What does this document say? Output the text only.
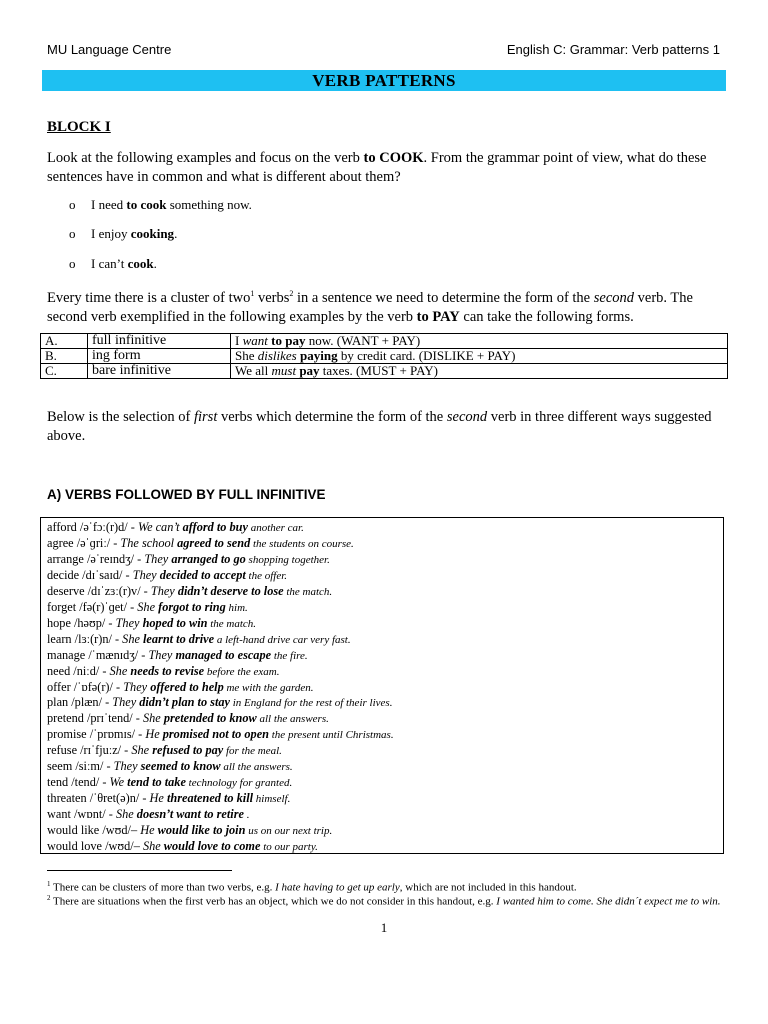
MU Language Centre	English C: Grammar: Verb patterns 1
VERB PATTERNS
BLOCK I
Look at the following examples and focus on the verb to COOK. From the grammar point of view, what do these sentences have in common and what is different about them?
o I need to cook something now.
o I enjoy cooking.
o I can’t cook.
Every time there is a cluster of two$^1$ verbs$^2$ in a sentence we need to determine the form of the second verb. The second verb exemplified in the following examples by the verb to PAY can take the following forms.
A.	full infinitive	I want to pay now. (WANT + PAY)
B.	ing form	She dislikes paying by credit card. (DISLIKE + PAY)
C.	bare infinitive	We all must pay taxes. (MUST + PAY)
Below is the selection of first verbs which determine the form of the second verb in three different ways suggested above.
A) VERBS FOLLOWED BY FULL INFINITIVE
afford /əˈfɔː(r)d/ - We can’t afford to buy another car.
agree /əˈɡriː/ - The school agreed to send the students on course.
arrange /əˈreɪndʒ/ - They arranged to go shopping together.
decide /dɪˈsaɪd/ - They decided to accept the offer.
deserve /dɪˈzɜː(r)v/ - They didn’t deserve to lose the match.
forget /fə(r)ˈɡet/ - She forgot to ring him.
hope /həʊp/ - They hoped to win the match.
learn /lɜː(r)n/ - She learnt to drive a left-hand drive car very fast.
manage /ˈmænɪdʒ/ - They managed to escape the fire.
need /niːd/ - She needs to revise before the exam.
offer /ˈɒfə(r)/ - They offered to help me with the garden.
plan /plæn/ - They didn’t plan to stay in England for the rest of their lives.
pretend /prɪˈtend/ - She pretended to know all the answers.
promise /ˈprɒmɪs/ - He promised not to open the present until Christmas.
refuse /rɪˈfjuːz/ - She refused to pay for the meal.
seem /siːm/ - They seemed to know all the answers.
tend /tend/ - We tend to take technology for granted.
threaten /ˈθret(ə)n/ - He threatened to kill himself.
want /wɒnt/ - She doesn’t want to retire .
would like /wʊd/– He would like to join us on our next trip.
would love /wʊd/– She would love to come to our party.
$^1$ There can be clusters of more than two verbs, e.g. I hate having to get up early, which are not included in this handout.
$^2$ There are situations when the first verb has an object, which we do not consider in this handout, e.g. I wanted him to come. She didn´t expect me to win.
1
